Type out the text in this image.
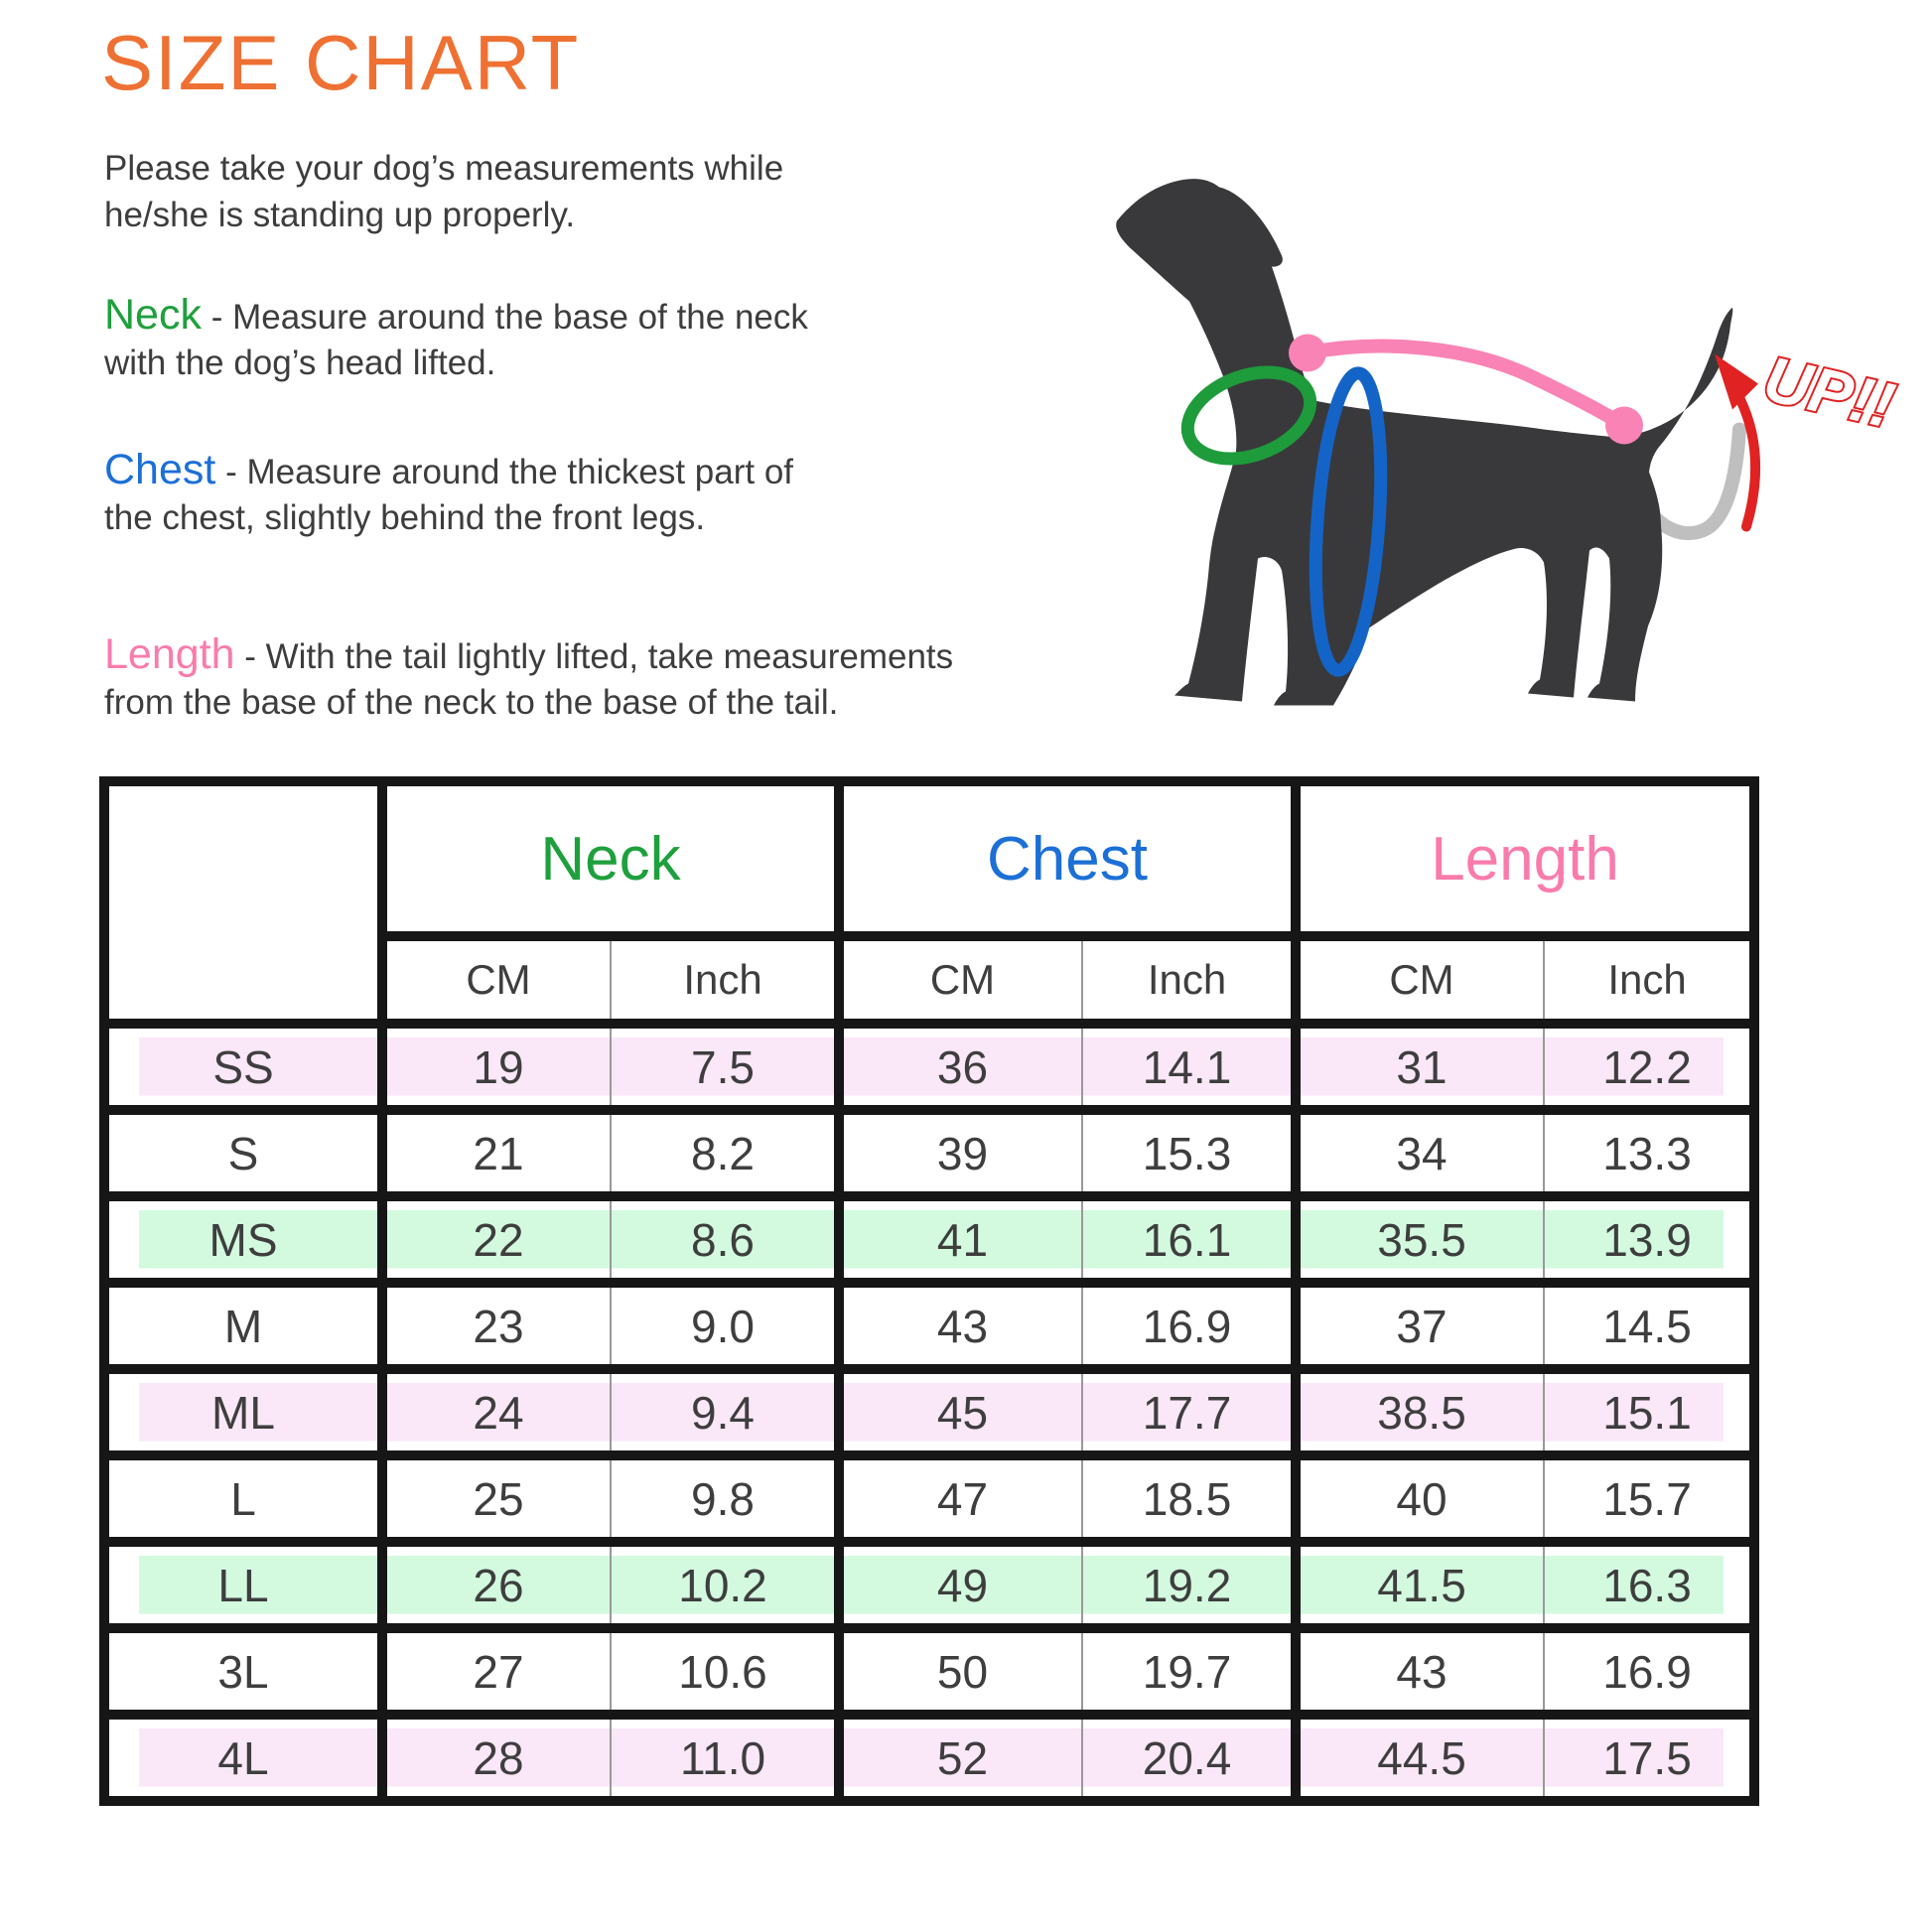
SIZE CHART

Please take your dog’s measurements while
he/she is standing up properly.

Neck - Measure around the base of the neck
with the dog’s head lifted.

Chest - Measure around the thickest part of
the chest, slightly behind the front legs.

Length - With the tail lightly lifted, take measurements
from the base of the neck to the base of the tail.

UP!!
	Neck		Chest		Length	
	CM	Inch	CM	Inch	CM	Inch
SS	19	7.5	36	14.1	31	12.2
S	21	8.2	39	15.3	34	13.3
MS	22	8.6	41	16.1	35.5	13.9
M	23	9.0	43	16.9	37	14.5
ML	24	9.4	45	17.7	38.5	15.1
L	25	9.8	47	18.5	40	15.7
LL	26	10.2	49	19.2	41.5	16.3
3L	27	10.6	50	19.7	43	16.9
4L	28	11.0	52	20.4	44.5	17.5
